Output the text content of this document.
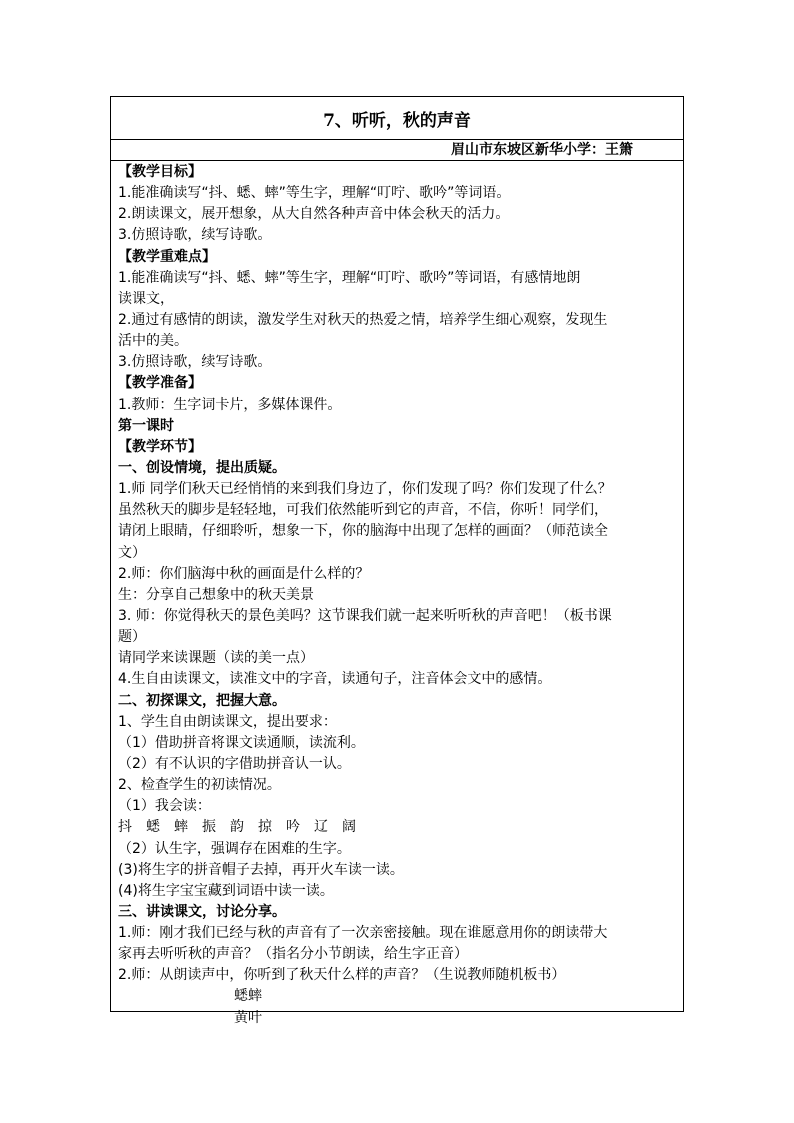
7、听听，秋的声音
眉山市东坡区新华小学：王箫
【教学目标】
1.能准确读写“抖、蟋、蟀”等生字，理解“叮咛、歌吟”等词语。
2.朗读课文，展开想象，从大自然各种声音中体会秋天的活力。
3.仿照诗歌，续写诗歌。
【教学重难点】
1.能准确读写“抖、蟋、蟀”等生字，理解“叮咛、歌吟”等词语，有感情地朗
读课文，
2.通过有感情的朗读，激发学生对秋天的热爱之情，培养学生细心观察，发现生
活中的美。
3.仿照诗歌，续写诗歌。
【教学准备】
1.教师：生字词卡片，多媒体课件。
第一课时
【教学环节】
一、创设情境，提出质疑。
1.师 同学们秋天已经悄悄的来到我们身边了，你们发现了吗？你们发现了什么？
虽然秋天的脚步是轻轻地，可我们依然能听到它的声音，不信，你听！同学们，
请闭上眼睛，仔细聆听，想象一下，你的脑海中出现了怎样的画面？（师范读全
文）
2.师：你们脑海中秋的画面是什么样的？
生：分享自己想象中的秋天美景
3. 师：你觉得秋天的景色美吗？这节课我们就一起来听听秋的声音吧！（板书课
题）
请同学来读课题（读的美一点）
4.生自由读课文，读准文中的字音，读通句子，注音体会文中的感情。
二、初探课文，把握大意。
1、学生自由朗读课文，提出要求：
（1）借助拼音将课文读通顺，读流利。
（2）有不认识的字借助拼音认一认。
2、检查学生的初读情况。
（1）我会读：
抖　蟋　蟀　振　韵　掠　吟　辽　阔
（2）认生字，强调存在困难的生字。
(3)将生字的拼音帽子去掉，再开火车读一读。
(4)将生字宝宝藏到词语中读一读。
三、讲读课文，讨论分享。
1.师：刚才我们已经与秋的声音有了一次亲密接触。现在谁愿意用你的朗读带大
家再去听听秋的声音？（指名分小节朗读，给生字正音）
2.师：从朗读声中，你听到了秋天什么样的声音？（生说教师随机板书）
蟋蟀
黄叶
